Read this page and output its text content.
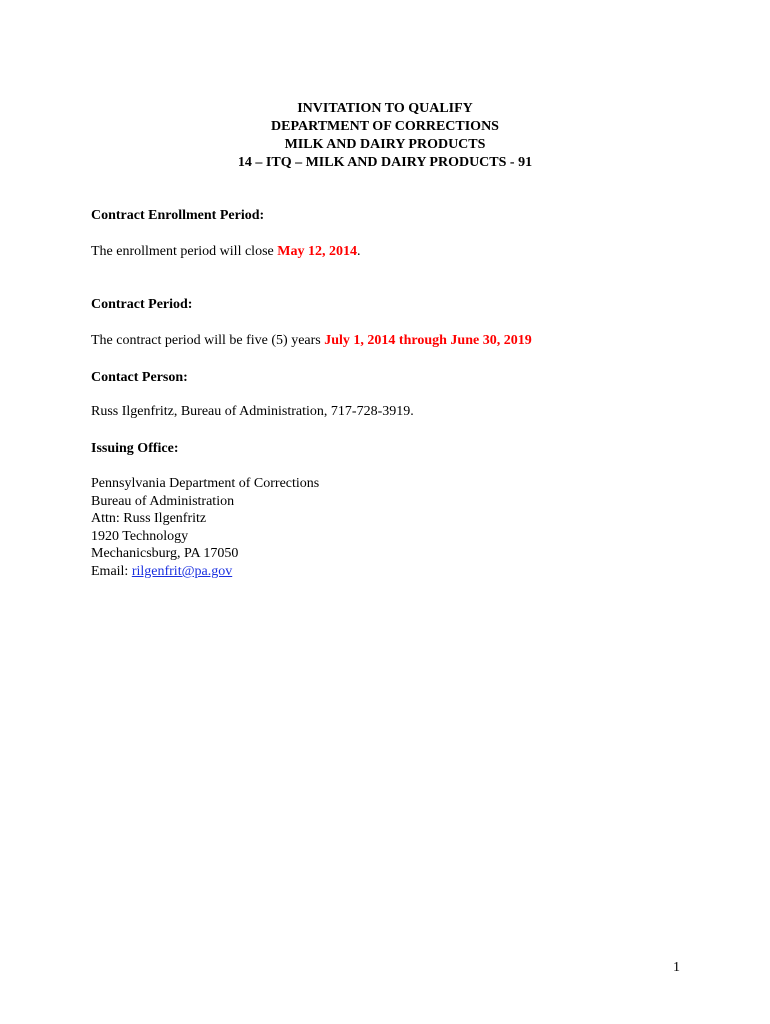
INVITATION TO QUALIFY
DEPARTMENT OF CORRECTIONS
MILK AND DAIRY PRODUCTS
14 – ITQ – MILK AND DAIRY PRODUCTS - 91
Contract Enrollment Period:
The enrollment period will close May 12, 2014.
Contract Period:
The contract period will be five (5) years July 1, 2014 through June 30, 2019
Contact Person:
Russ Ilgenfritz, Bureau of Administration, 717-728-3919.
Issuing Office:
Pennsylvania Department of Corrections
Bureau of Administration
Attn: Russ Ilgenfritz
1920 Technology
Mechanicsburg, PA 17050
Email: rilgenfrit@pa.gov
1
